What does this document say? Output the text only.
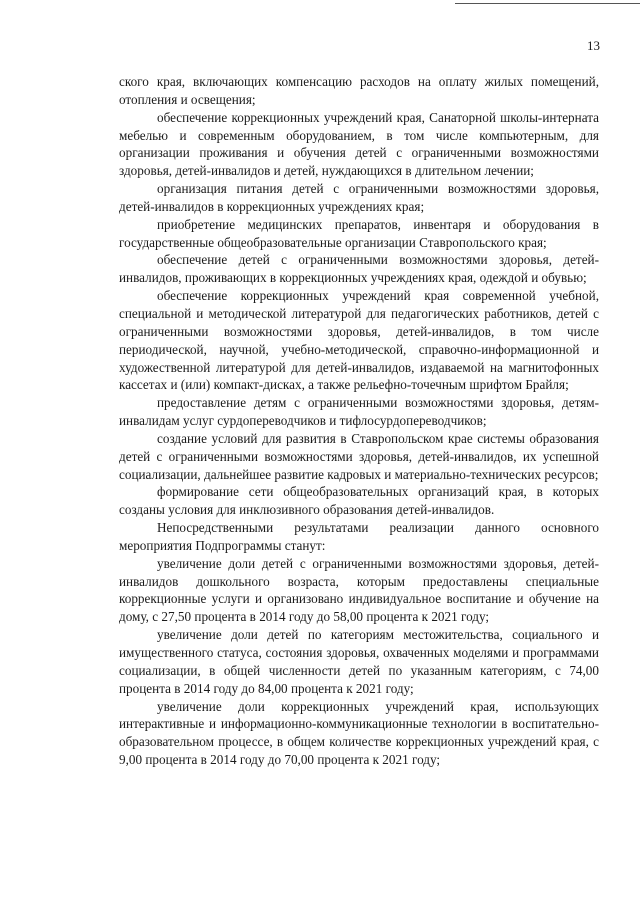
13

ского края, включающих компенсацию расходов на оплату жилых помещений, отопления и освещения;

обеспечение коррекционных учреждений края, Санаторной школы-интерната мебелью и современным оборудованием, в том числе компьютерным, для организации проживания и обучения детей с ограниченными возможностями здоровья, детей-инвалидов и детей, нуждающихся в длительном лечении;

организация питания детей с ограниченными возможностями здоровья, детей-инвалидов в коррекционных учреждениях края;

приобретение медицинских препаратов, инвентаря и оборудования в государственные общеобразовательные организации Ставропольского края;

обеспечение детей с ограниченными возможностями здоровья, детей-инвалидов, проживающих в коррекционных учреждениях края, одеждой и обувью;

обеспечение коррекционных учреждений края современной учебной, специальной и методической литературой для педагогических работников, детей с ограниченными возможностями здоровья, детей-инвалидов, в том числе периодической, научной, учебно-методической, справочно-информационной и художественной литературой для детей-инвалидов, издаваемой на магнитофонных кассетах и (или) компакт-дисках, а также рельефно-точечным шрифтом Брайля;

предоставление детям с ограниченными возможностями здоровья, детям-инвалидам услуг сурдопереводчиков и тифлосурдопереводчиков;

создание условий для развития в Ставропольском крае системы образования детей с ограниченными возможностями здоровья, детей-инвалидов, их успешной социализации, дальнейшее развитие кадровых и материально-технических ресурсов;

формирование сети общеобразовательных организаций края, в которых созданы условия для инклюзивного образования детей-инвалидов.

Непосредственными результатами реализации данного основного мероприятия Подпрограммы станут:

увеличение доли детей с ограниченными возможностями здоровья, детей-инвалидов дошкольного возраста, которым предоставлены специальные коррекционные услуги и организовано индивидуальное воспитание и обучение на дому, с 27,50 процента в 2014 году до 58,00 процента к 2021 году;

увеличение доли детей по категориям местожительства, социального и имущественного статуса, состояния здоровья, охваченных моделями и программами социализации, в общей численности детей по указанным категориям, с 74,00 процента в 2014 году до 84,00 процента к 2021 году;

увеличение доли коррекционных учреждений края, использующих интерактивные и информационно-коммуникационные технологии в воспитательно-образовательном процессе, в общем количестве коррекционных учреждений края, с 9,00 процента в 2014 году до 70,00 процента к 2021 году;
